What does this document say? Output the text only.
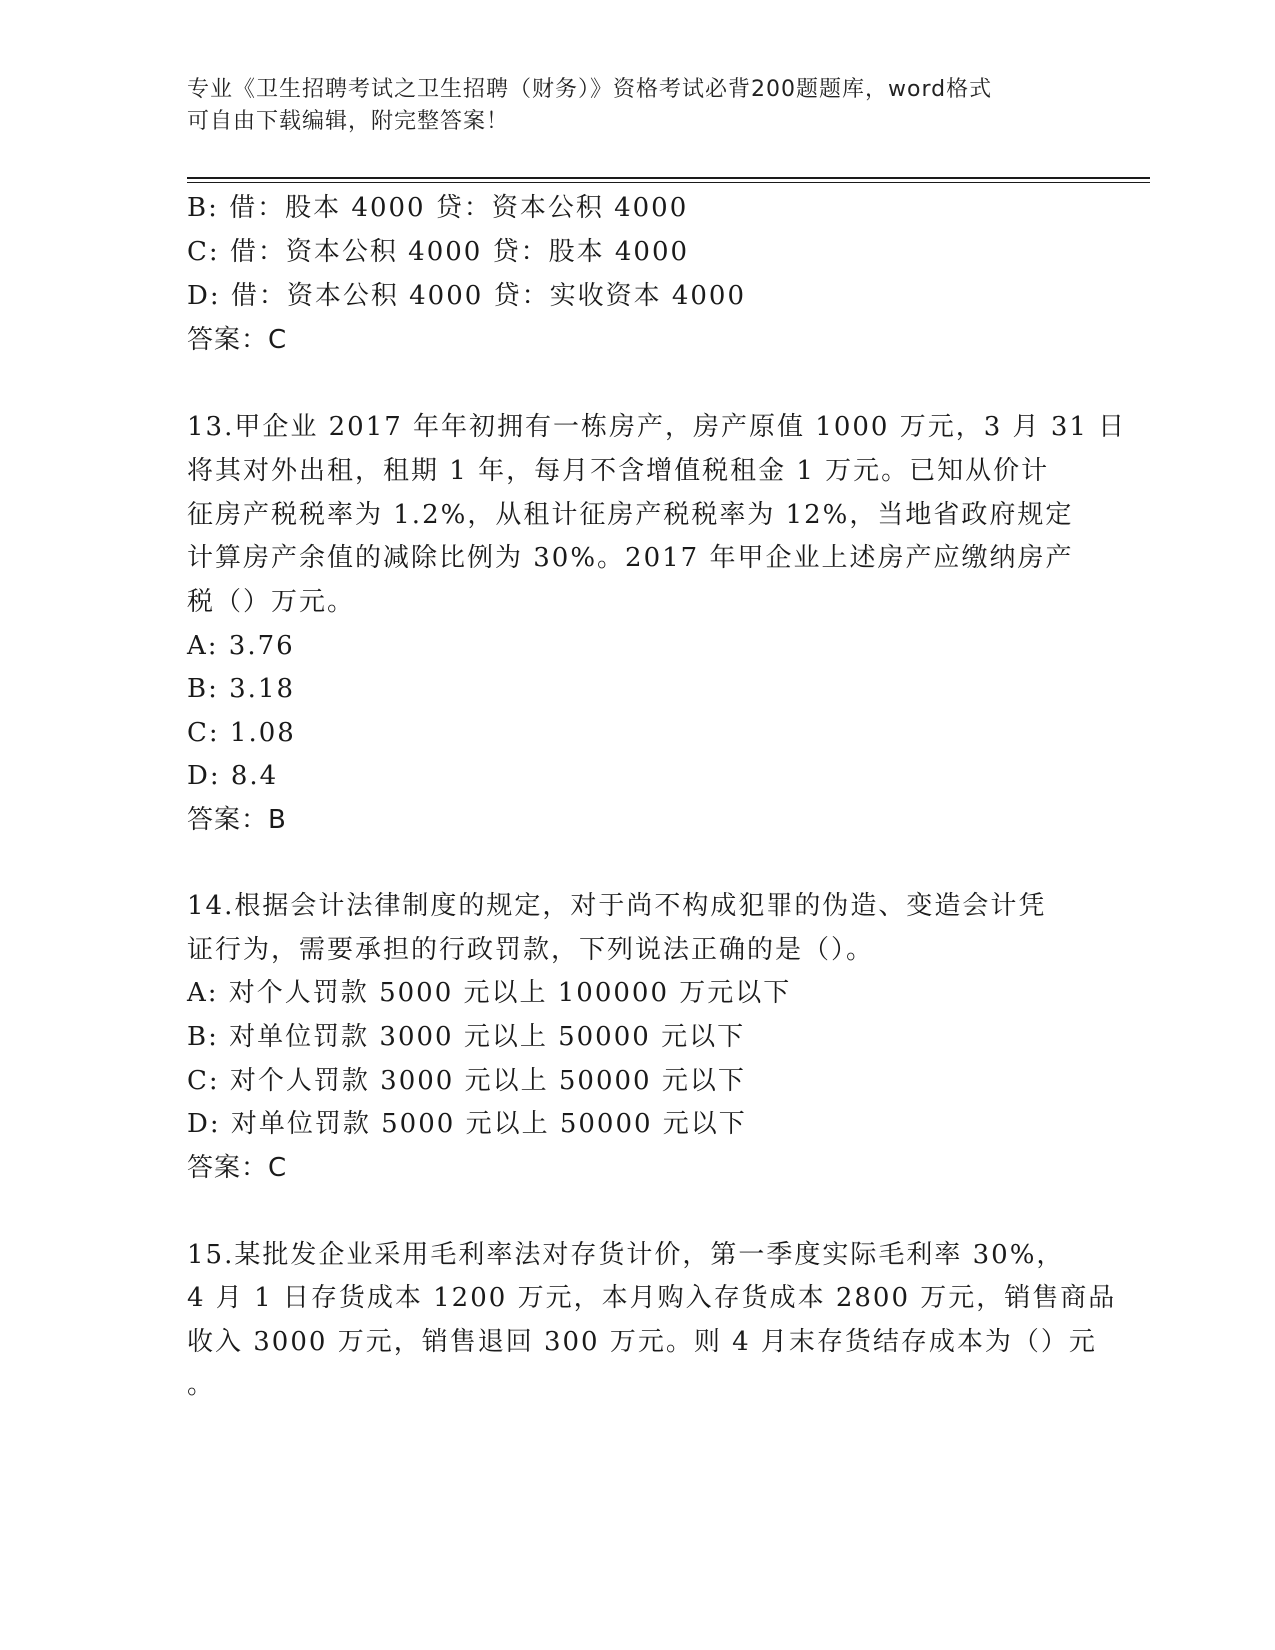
专业《卫生招聘考试之卫生招聘（财务）》资格考试必背200题题库，word格式
可自由下载编辑，附完整答案！
B: 借：股本 4000 贷：资本公积 4000
C: 借：资本公积 4000 贷：股本 4000
D: 借：资本公积 4000 贷：实收资本 4000
答案：C
13.甲企业 2017 年年初拥有一栋房产，房产原值 1000 万元，3 月 31 日
将其对外出租，租期 1 年，每月不含增值税租金 1 万元。已知从价计
征房产税税率为 1.2%，从租计征房产税税率为 12%，当地省政府规定
计算房产余值的减除比例为 30%。2017 年甲企业上述房产应缴纳房产
税（）万元。
A: 3.76
B: 3.18
C: 1.08
D: 8.4
答案：B
14.根据会计法律制度的规定，对于尚不构成犯罪的伪造、变造会计凭
证行为，需要承担的行政罚款，下列说法正确的是（）。
A: 对个人罚款 5000 元以上 100000 万元以下
B: 对单位罚款 3000 元以上 50000 元以下
C: 对个人罚款 3000 元以上 50000 元以下
D: 对单位罚款 5000 元以上 50000 元以下
答案：C
15.某批发企业采用毛利率法对存货计价，第一季度实际毛利率 30%，
4 月 1 日存货成本 1200 万元，本月购入存货成本 2800 万元，销售商品
收入 3000 万元，销售退回 300 万元。则 4 月末存货结存成本为（）元
。
